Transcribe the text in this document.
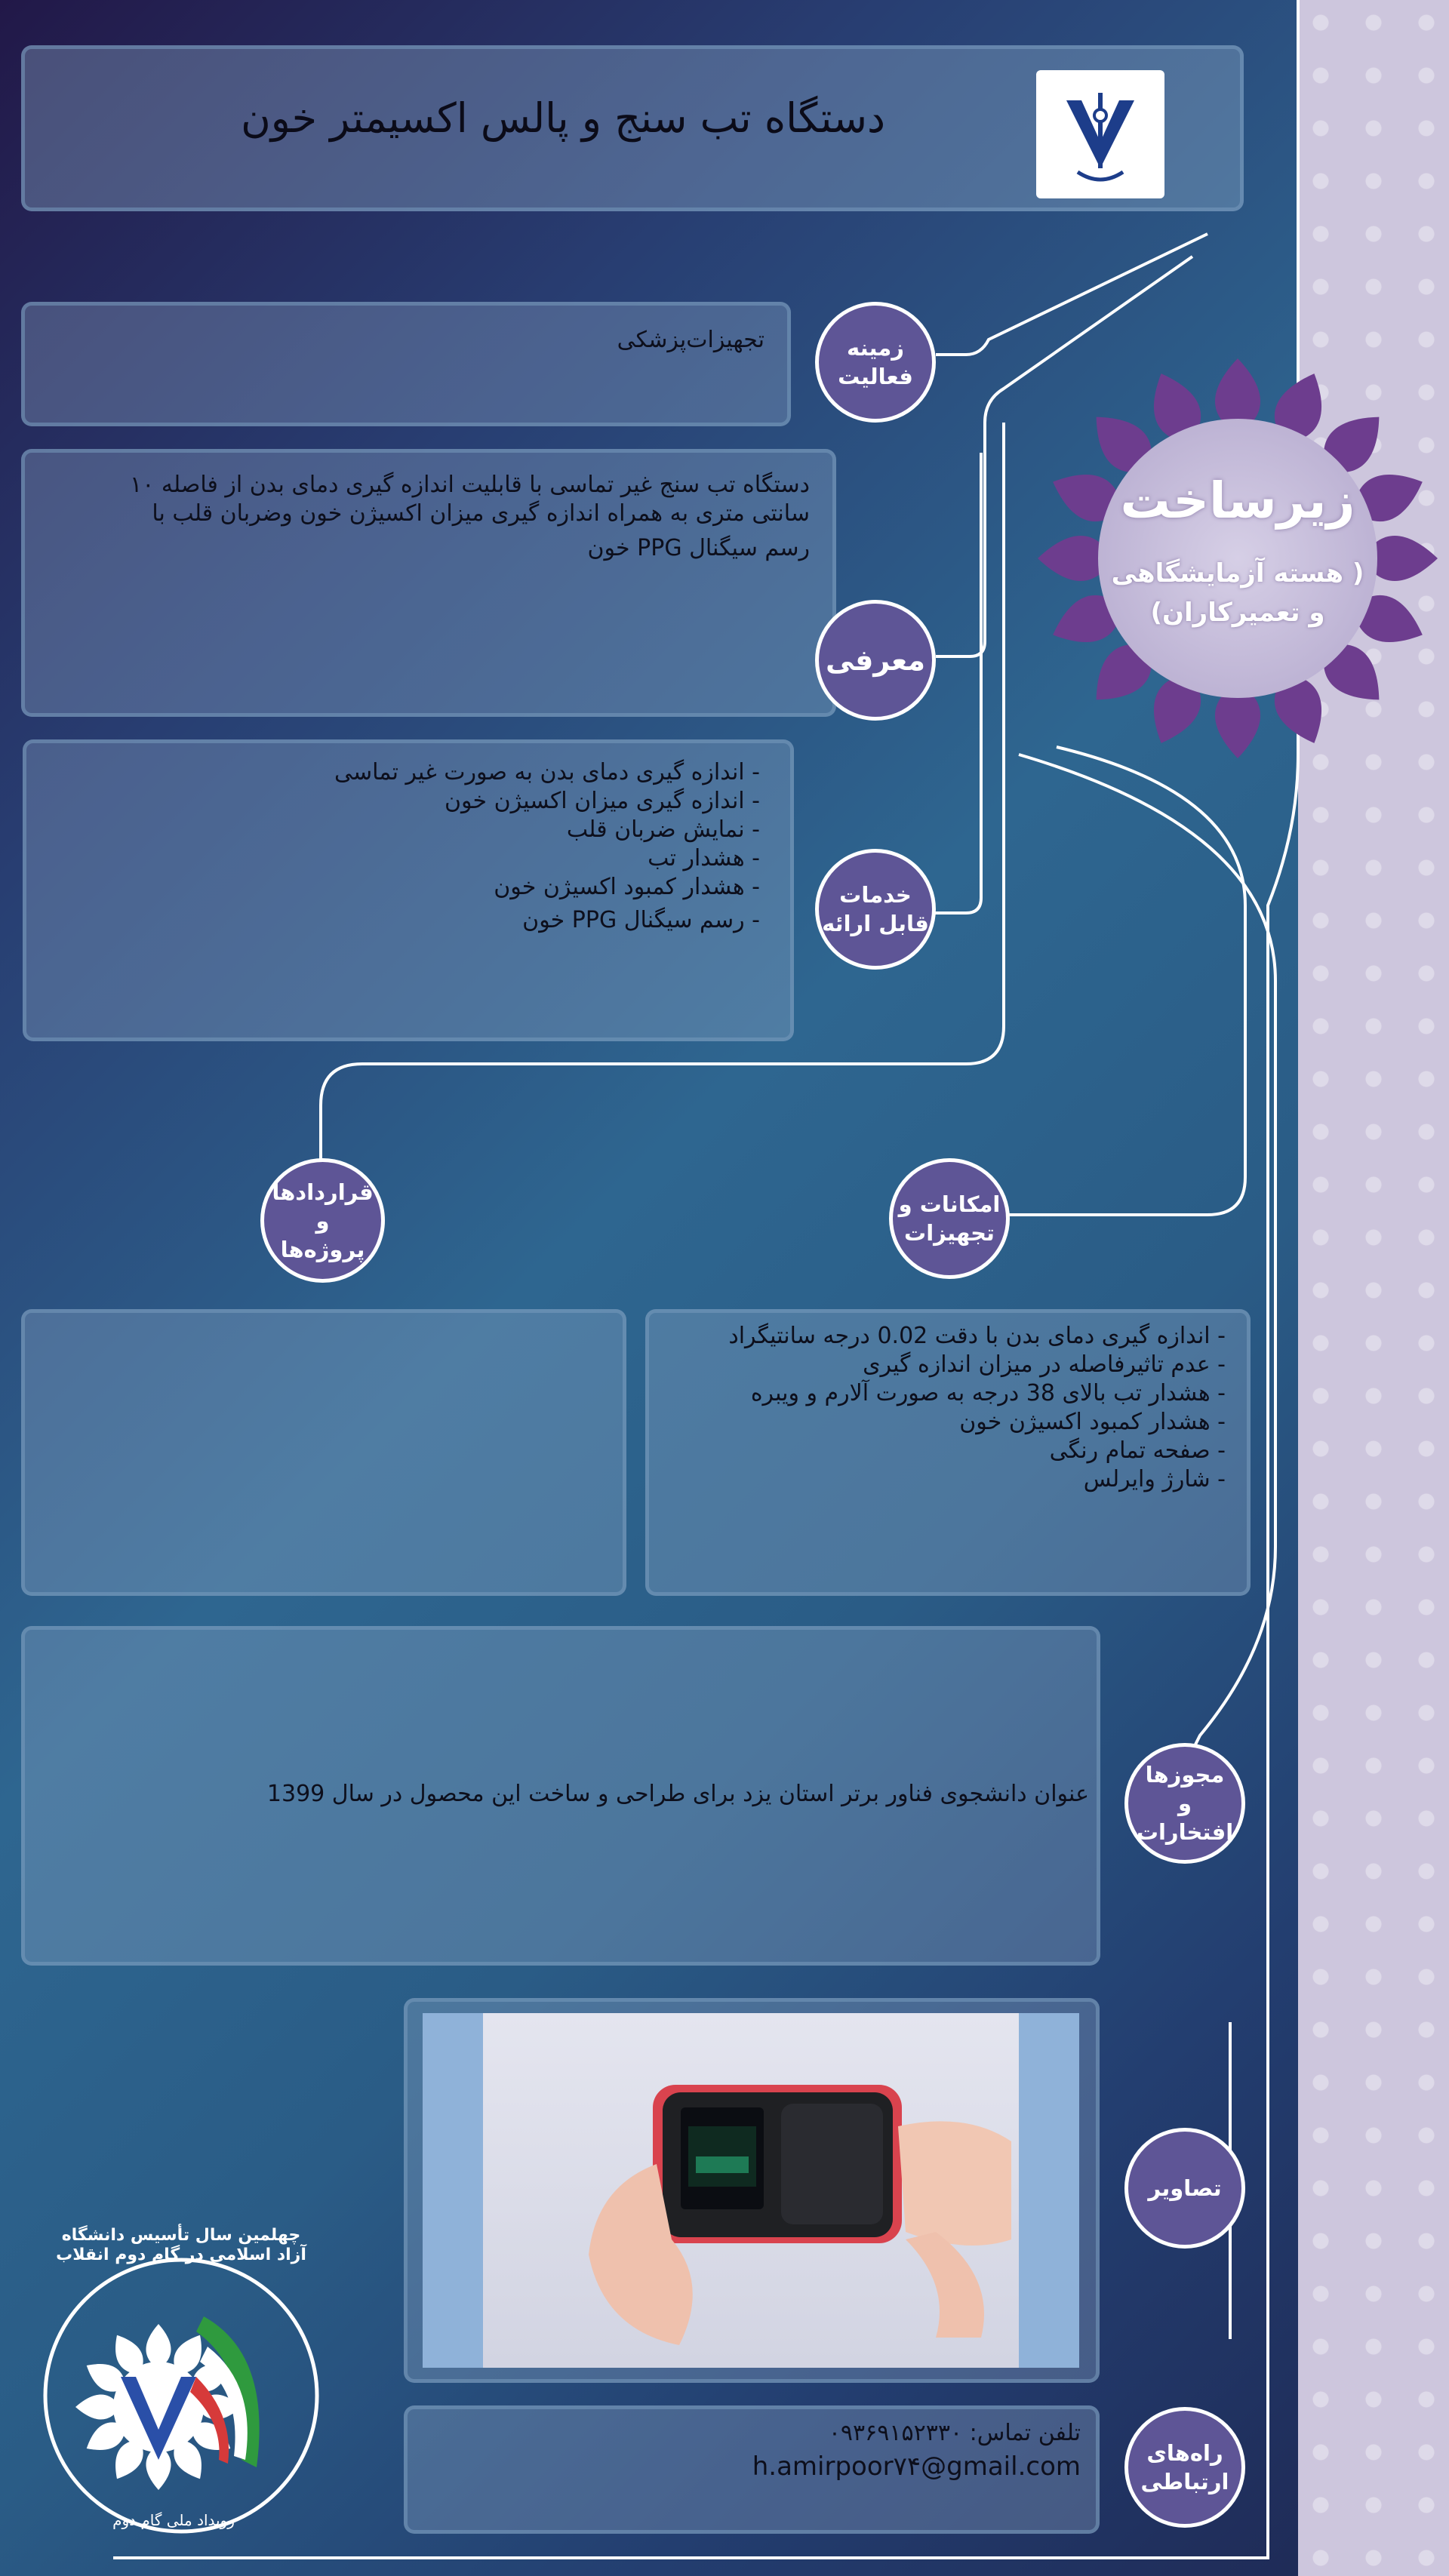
دستگاه تب سنج و پالس اکسیمتر خون
زیرساخت
( هسته آزمایشگاهی
و تعمیرکاران)
تجهیزات‌پزشکی	زمینه
فعالیت
دستگاه تب سنج غیر تماسی با قابلیت اندازه گیری دمای بدن از فاصله ۱۰
سانتی متری به همراه اندازه گیری میزان اکسیژن خون وضربان قلب با
رسم سیگنال PPG خون
معرفی
- اندازه گیری دمای بدن به صورت غیر تماسی
- اندازه گیری میزان اکسیژن خون
- نمایش ضربان قلب
- هشدار تب
- هشدار کمبود اکسیژن خون
- رسم سیگنال PPG خون
خدمات
قابل ارائه
قراردادها و
پروژه‌ها
امکانات و
تجهیزات
- اندازه گیری دمای بدن با دقت 0.02 درجه سانتیگراد
- عدم تاثیرفاصله در میزان اندازه گیری
- هشدار تب بالای 38 درجه به صورت آلارم و ویبره
- هشدار کمبود اکسیژن خون
- صفحه تمام رنگی
- شارژ وایرلس
عنوان دانشجوی فناور برتر استان یزد برای طراحی و ساخت این محصول در سال 1399
مجوزها
و افتخارات
تصاویر
تلفن تماس: ۰۹۳۶۹۱۵۲۳۳۰
h.amirpoor۷۴@gmail.com	راه‌های
ارتباطی
چهلمین سال تأسیس دانشگاه آزاد اسلامی در گام دوم انقلاب
رویداد ملی گام دوم
